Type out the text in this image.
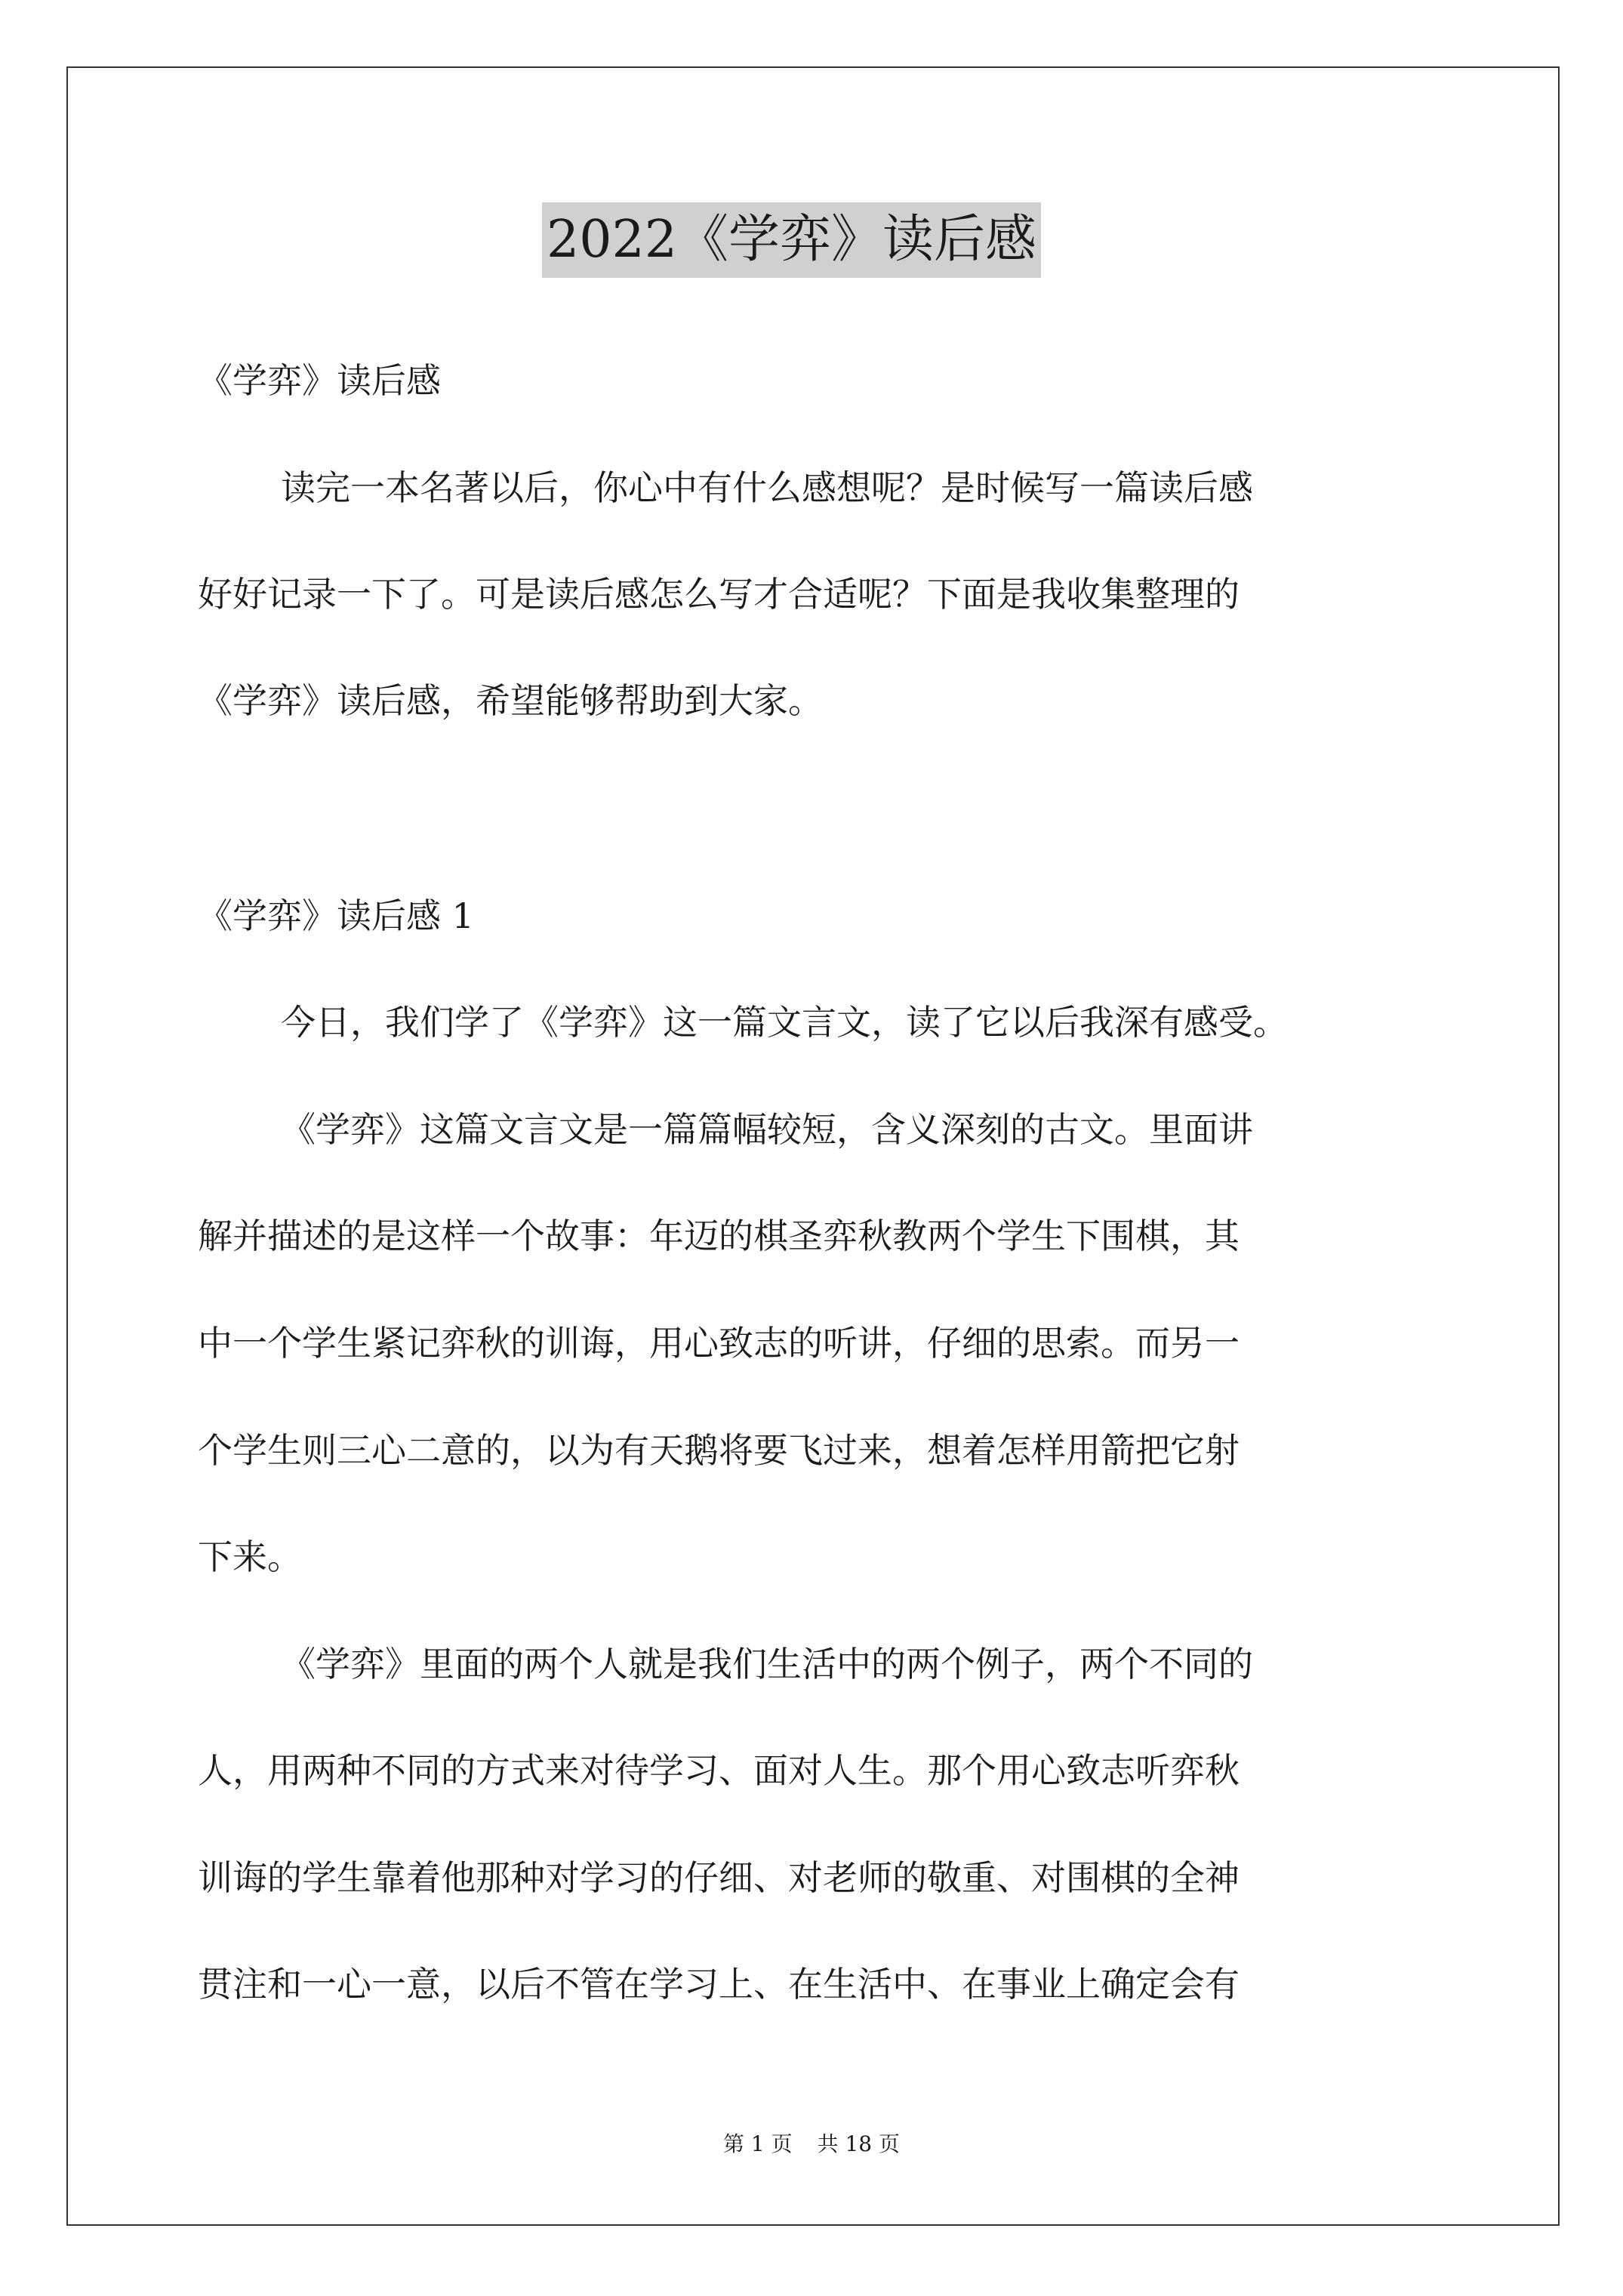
2022《学弈》读后感
《学弈》读后感
读完一本名著以后，你心中有什么感想呢？是时候写一篇读后感
好好记录一下了。可是读后感怎么写才合适呢？下面是我收集整理的
《学弈》读后感，希望能够帮助到大家。
《学弈》读后感 1
今日，我们学了《学弈》这一篇文言文，读了它以后我深有感受。
《学弈》这篇文言文是一篇篇幅较短，含义深刻的古文。里面讲
解并描述的是这样一个故事：年迈的棋圣弈秋教两个学生下围棋，其
中一个学生紧记弈秋的训诲，用心致志的听讲，仔细的思索。而另一
个学生则三心二意的，以为有天鹅将要飞过来，想着怎样用箭把它射
下来。
《学弈》里面的两个人就是我们生活中的两个例子，两个不同的
人，用两种不同的方式来对待学习、面对人生。那个用心致志听弈秋
训诲的学生靠着他那种对学习的仔细、对老师的敬重、对围棋的全神
贯注和一心一意，以后不管在学习上、在生活中、在事业上确定会有
第 1 页 共 18 页
